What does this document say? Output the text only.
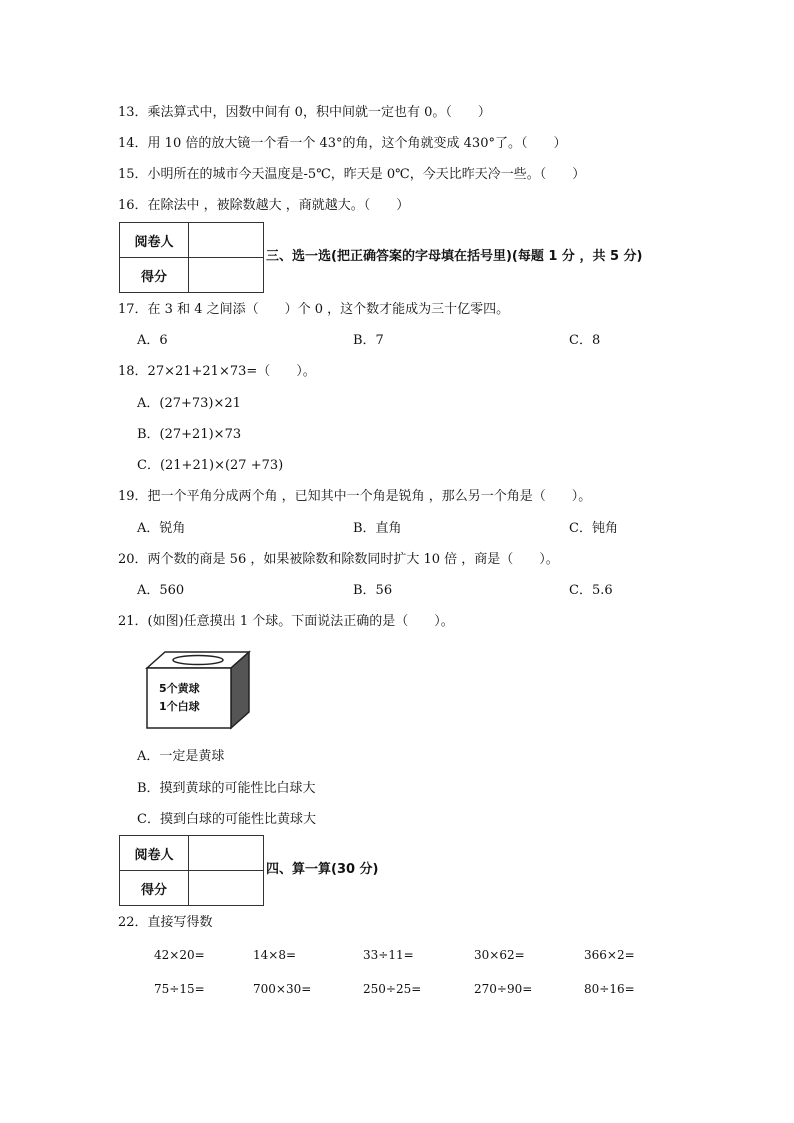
13．乘法算式中，因数中间有 0，积中间就一定也有 0。（　　）
14．用 10 倍的放大镜一个看一个 43°的角，这个角就变成 430°了。（　　）
15．小明所在的城市今天温度是-5℃，昨天是 0℃，今天比昨天冷一些。（　　）
16．在除法中 ，被除数越大 ，商就越大。（　　）
阅卷人	
得分	
三、选一选(把正确答案的字母填在括号里)(每题 1 分 ，共 5 分)
17．在 3 和 4 之间添（　　）个 0 ，这个数才能成为三十亿零四。
A．6	B．7	C．8
18．27×21+21×73=（　　）。
A．(27+73)×21
B．(27+21)×73
C．(21+21)×(27 +73)
19．把一个平角分成两个角 ，已知其中一个角是锐角 ，那么另一个角是（　　）。
A．锐角	B．直角	C．钝角
20．两个数的商是 56 ，如果被除数和除数同时扩大 10 倍 ，商是（　　）。
A．560	B．56	C．5.6
21．(如图)任意摸出 1 个球。下面说法正确的是（　　）。
5个黄球
1个白球
A．一定是黄球
B．摸到黄球的可能性比白球大
C．摸到白球的可能性比黄球大
阅卷人	
得分	
四、算一算(30 分)
22．直接写得数
42×20=	14×8=	33÷11=	30×62=	366×2=
75÷15=	700×30=	250÷25=	270÷90=	80÷16=
